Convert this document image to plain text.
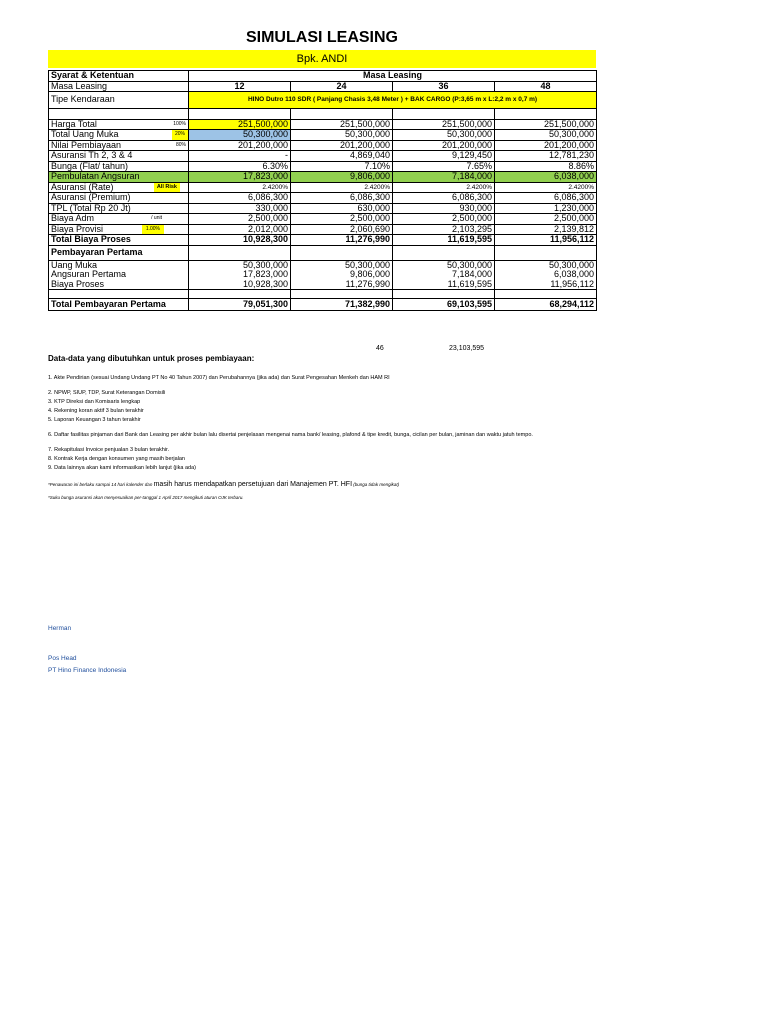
SIMULASI LEASING
Bpk. ANDI
Syarat & Ketentuan	Masa Leasing			
Masa Leasing	12	24	36	48
Tipe Kendaraan	HINO Dutro 110 SDR ( Panjang Chasis 3,48 Meter ) + BAK CARGO (P:3,65 m x L:2,2 m x 0,7 m)			

Harga Total 100%	251,500,000	251,500,000	251,500,000	251,500,000
Total Uang Muka 20%	50,300,000	50,300,000	50,300,000	50,300,000
Nilai Pembiayaan 80%	201,200,000	201,200,000	201,200,000	201,200,000
Asuransi Th 2, 3 & 4	-	4,869,040	9,129,450	12,781,230
Bunga (Flat/ tahun)	6.30%	7.10%	7.65%	8.86%
Pembulatan Angsuran	17,823,000	9,806,000	7,184,000	6,038,000
Asuransi (Rate) All Risk	2.4200%	2.4200%	2.4200%	2.4200%
Asuransi (Premium)	6,086,300	6,086,300	6,086,300	6,086,300
TPL (Total Rp 20 Jt)	330,000	630,000	930,000	1,230,000
Biaya Adm / unit	2,500,000	2,500,000	2,500,000	2,500,000
Biaya Provisi 1.00%	2,012,000	2,060,690	2,103,295	2,139,812
Total Biaya Proses	10,928,300	11,276,990	11,619,595	11,956,112
Pembayaran Pertama				
Uang Muka	50,300,000	50,300,000	50,300,000	50,300,000
Angsuran Pertama	17,823,000	9,806,000	7,184,000	6,038,000
Biaya Proses	10,928,300	11,276,990	11,619,595	11,956,112

Total Pembayaran Pertama	79,051,300	71,382,990	69,103,595	68,294,112
46	23,103,595
Data-data yang dibutuhkan untuk proses pembiayaan:
1. Akte Pendirian (sesuai Undang Undang PT No 40 Tahun 2007) dan Perubahannya (jika ada) dan Surat Pengesahan Menkeh dan HAM RI
2. NPWP, SIUP, TDP, Surat Keterangan Domisili
3. KTP Direksi dan Komisaris lengkap
4. Rekening koran aktif 3 bulan terakhir
5. Laporan Keuangan 3 tahun terakhir
6. Daftar fasilitas pinjaman dari Bank dan Leasing per akhir bulan lalu disertai penjelasan mengenai nama bank/ leasing, plafond & tipe kredit, bunga, cicilan per bulan, jaminan dan waktu jatuh tempo.
7. Rekapitulasi Invoice penjualan 3 bulan terakhir.
8. Kontrak Kerja dengan konsumen yang masih berjalan
9. Data lainnya akan kami informasikan lebih lanjut (jika ada)
*Penawaran ini berlaku sampai 14 hari kalender dan masih harus mendapatkan persetujuan dari Manajemen PT. HFI (bunga tidak mengikat)
*Suku bunga asuransi akan menyesuaikan per-tanggal 1 April 2017 mengikuti aturan OJK terbaru.
Herman
Pos Head
PT Hino Finance Indonesia
